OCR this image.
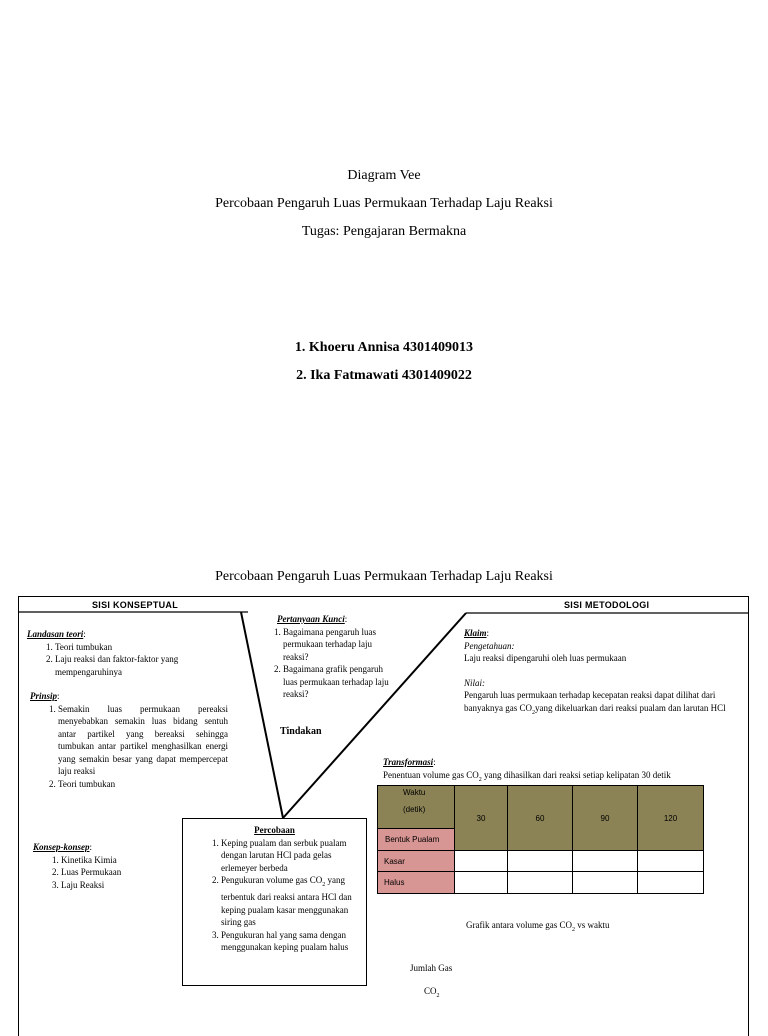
Diagram Vee
Percobaan Pengaruh Luas Permukaan Terhadap Laju Reaksi
Tugas: Pengajaran Bermakna
1. Khoeru Annisa 4301409013
2. Ika Fatmawati 4301409022
Percobaan Pengaruh Luas Permukaan Terhadap Laju Reaksi
SISI KONSEPTUAL	SISI METODOLOGI
Landasan teori:
1. Teori tumbukan
2. Laju reaksi dan faktor-faktor yang mempengaruhinya
Prinsip:
1. Semakin luas permukaan pereaksi menyebabkan semakin luas bidang sentuh antar partikel yang bereaksi sehingga tumbukan antar partikel menghasilkan energi yang semakin besar yang dapat mempercepat laju reaksi
2. Teori tumbukan
Konsep-konsep:
1. Kinetika Kimia
2. Luas Permukaan
3. Laju Reaksi
Pertanyaan Kunci:
1. Bagaimana pengaruh luas permukaan terhadap laju reaksi?
2. Bagaimana grafik pengaruh luas permukaan terhadap laju reaksi?
Tindakan
Percobaan
1. Keping pualam dan serbuk pualam dengan larutan HCl pada gelas erlemeyer berbeda
2. Pengukuran volume gas $CO_2$ yang terbentuk dari reaksi antara HCl dan keping pualam kasar menggunakan siring gas
3. Pengukuran hal yang sama dengan menggunakan keping pualam halus
Klaim:
Pengetahuan:
Laju reaksi dipengaruhi oleh luas permukaan
Nilai:
Pengaruh luas permukaan terhadap kecepatan reaksi dapat dilihat dari banyaknya gas $CO_2yang$ dikeluarkan dari reaksi pualam dan larutan HCl
Transformasi:
Penentuan volume gas $CO_2$ yang dihasilkan dari reaksi setiap kelipatan 30 detik
Waktu
(detik)	30	60	90	120
Bentuk Pualam				
Kasar				
Halus				
Grafik antara volume gas $CO_2$ vs waktu
Jumlah Gas
$CO_2$
